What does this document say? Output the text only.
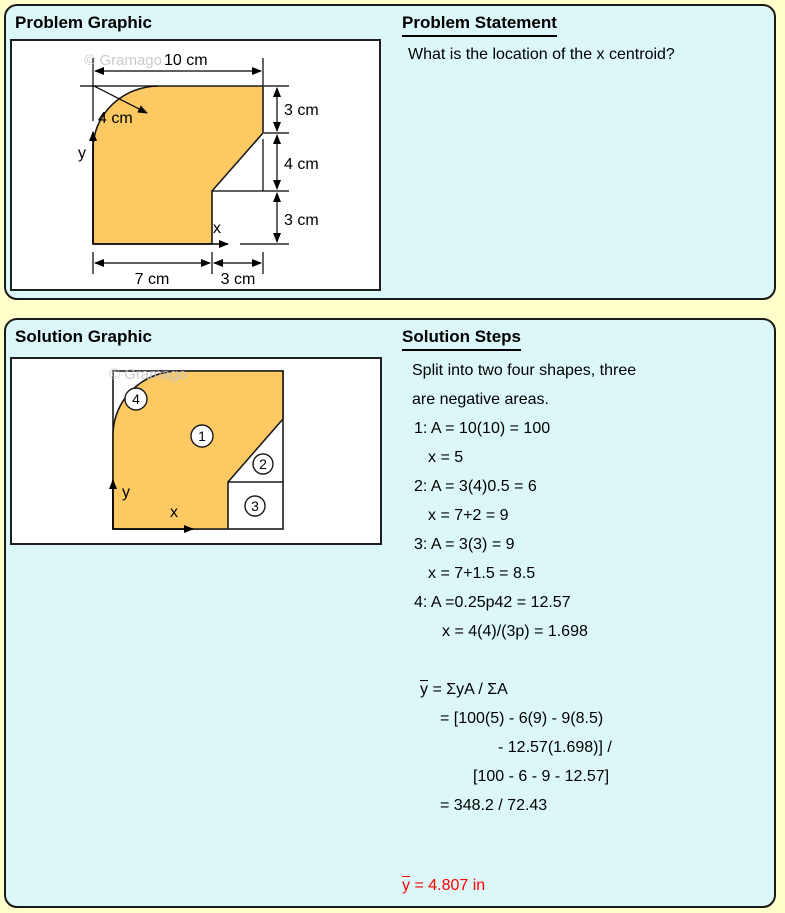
Problem Graphic
© Gramago 10 cm
4 cm
y
x
3 cm
4 cm
3 cm
7 cm	3 cm
Problem Statement

What is the location of the x centroid?

Solution Graphic
© Gramago
4
1
2
3
y
x
Solution Steps
Split into two four shapes, three
are negative areas.
1: A = 10(10) = 100
x = 5
2: A = 3(4)0.5 = 6
x = 7+2 = 9
3: A = 3(3) = 9
x = 7+1.5 = 8.5
4: A =0.25p42 = 12.57
x = 4(4)/(3p) = 1.698
$\overline{y} = \Sigma yA / \Sigma A$
= [100(5) - 6(9) - 9(8.5)
- 12.57(1.698)] /
[100 - 6 - 9 - 12.57]
= 348.2 / 72.43
$\overline{y} = 4.807$ in
